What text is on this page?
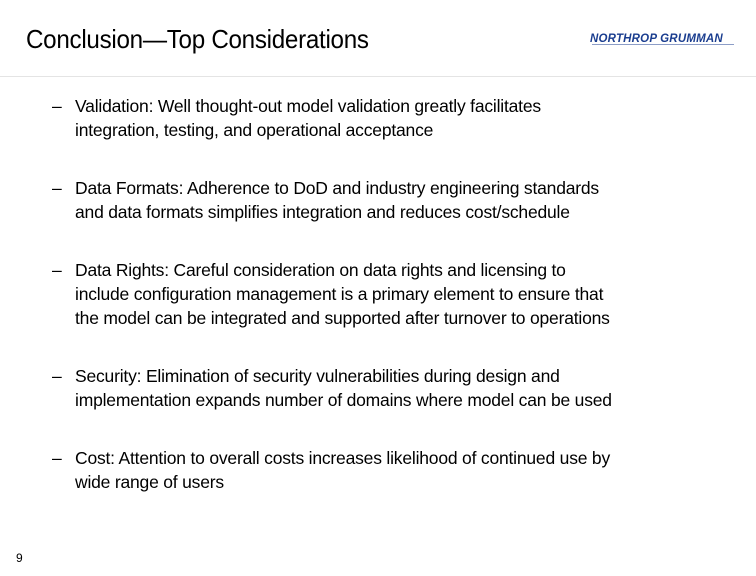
Conclusion—Top Considerations	NORTHROP GRUMMAN
– Validation: Well thought-out model validation greatly facilitates
integration, testing, and operational acceptance
– Data Formats: Adherence to DoD and industry engineering standards
and data formats simplifies integration and reduces cost/schedule
– Data Rights: Careful consideration on data rights and licensing to
include configuration management is a primary element to ensure that
the model can be integrated and supported after turnover to operations
– Security: Elimination of security vulnerabilities during design and
implementation expands number of domains where model can be used
– Cost: Attention to overall costs increases likelihood of continued use by
wide range of users
9
